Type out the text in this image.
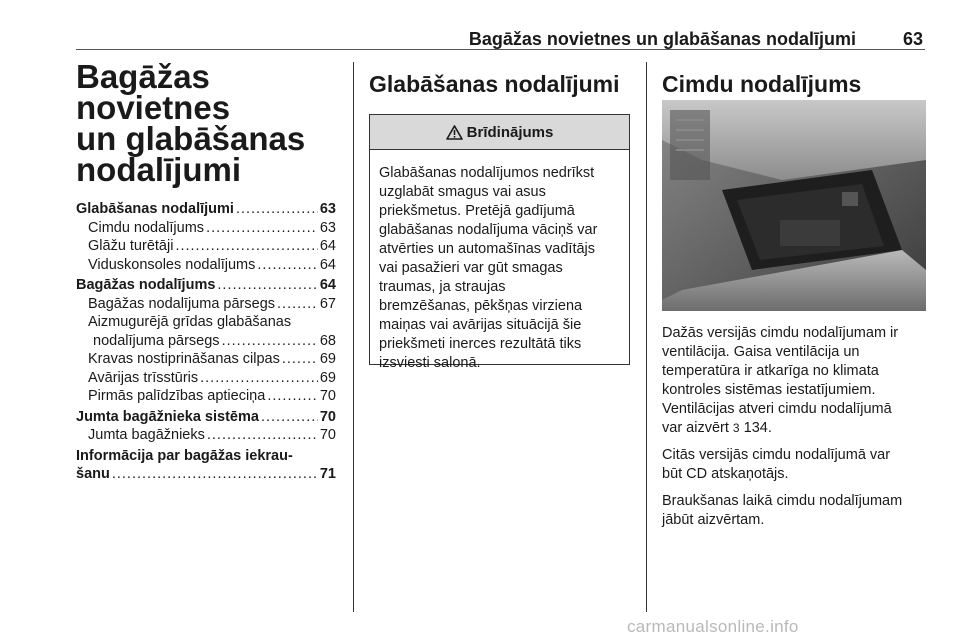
Bagāžas novietnes un glabāšanas nodalījumi	63
Bagāžas novietnes
un glabāšanas
nodalījumi
Glabāšanas nodalījumi .....	63
Cimdu nodalījums .....	63
Glāžu turētāji .....	64
Viduskonsoles nodalījums .....	64
Bagāžas nodalījums .....	64
Bagāžas nodalījuma pārsegs .....	67
Aizmugurējā grīdas glabāšanas
nodalījuma pārsegs .....	68
Kravas nostiprināšanas cilpas .....	69
Avārijas trīsstūris .....	69
Pirmās palīdzības aptieciņa .....	70
Jumta bagāžnieka sistēma .....	70
Jumta bagāžnieks .....	70
Informācija par bagāžas iekrau-
šanu .....	71
Glabāšanas nodalījumi
Brīdinājums
Glabāšanas nodalījumos nedrīkst
uzglabāt smagus vai asus
priekšmetus. Pretējā gadījumā
glabāšanas nodalījuma vāciņš var
atvērties un automašīnas vadītājs
vai pasažieri var gūt smagas
traumas, ja straujas
bremzēšanas, pēkšņas virziena
maiņas vai avārijas situācijā šie
priekšmeti inerces rezultātā tiks
izsviesti salonā.
Cimdu nodalījums

Dažās versijās cimdu nodalījumam ir
ventilācija. Gaisa ventilācija un
temperatūra ir atkarīga no klimata
kontroles sistēmas iestatījumiem.
Ventilācijas atveri cimdu nodalījumā
var aizvērt 3 134.

Citās versijās cimdu nodalījumā var
būt CD atskaņotājs.

Braukšanas laikā cimdu nodalījumam
jābūt aizvērtam.

carmanualsonline.info
